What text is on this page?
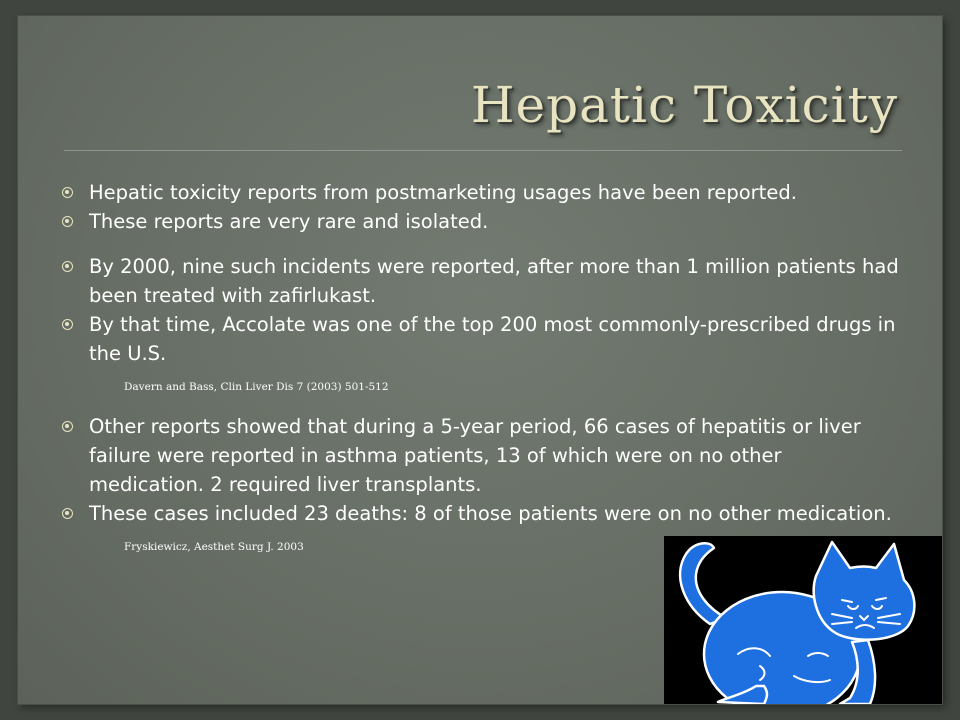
Hepatic Toxicity
Hepatic toxicity reports from postmarketing usages have been reported.
These reports are very rare and isolated.
By 2000, nine such incidents were reported, after more than 1 million patients had been treated with zafirlukast.
By that time, Accolate was one of the top 200 most commonly-prescribed drugs in the U.S.
Davern and Bass, Clin Liver Dis 7 (2003) 501-512
Other reports showed that during a 5-year period, 66 cases of hepatitis or liver failure were reported in asthma patients, 13 of which were on no other medication. 2 required liver transplants.
These cases included 23 deaths: 8 of those patients were on no other medication.
Fryskiewicz, Aesthet Surg J. 2003
